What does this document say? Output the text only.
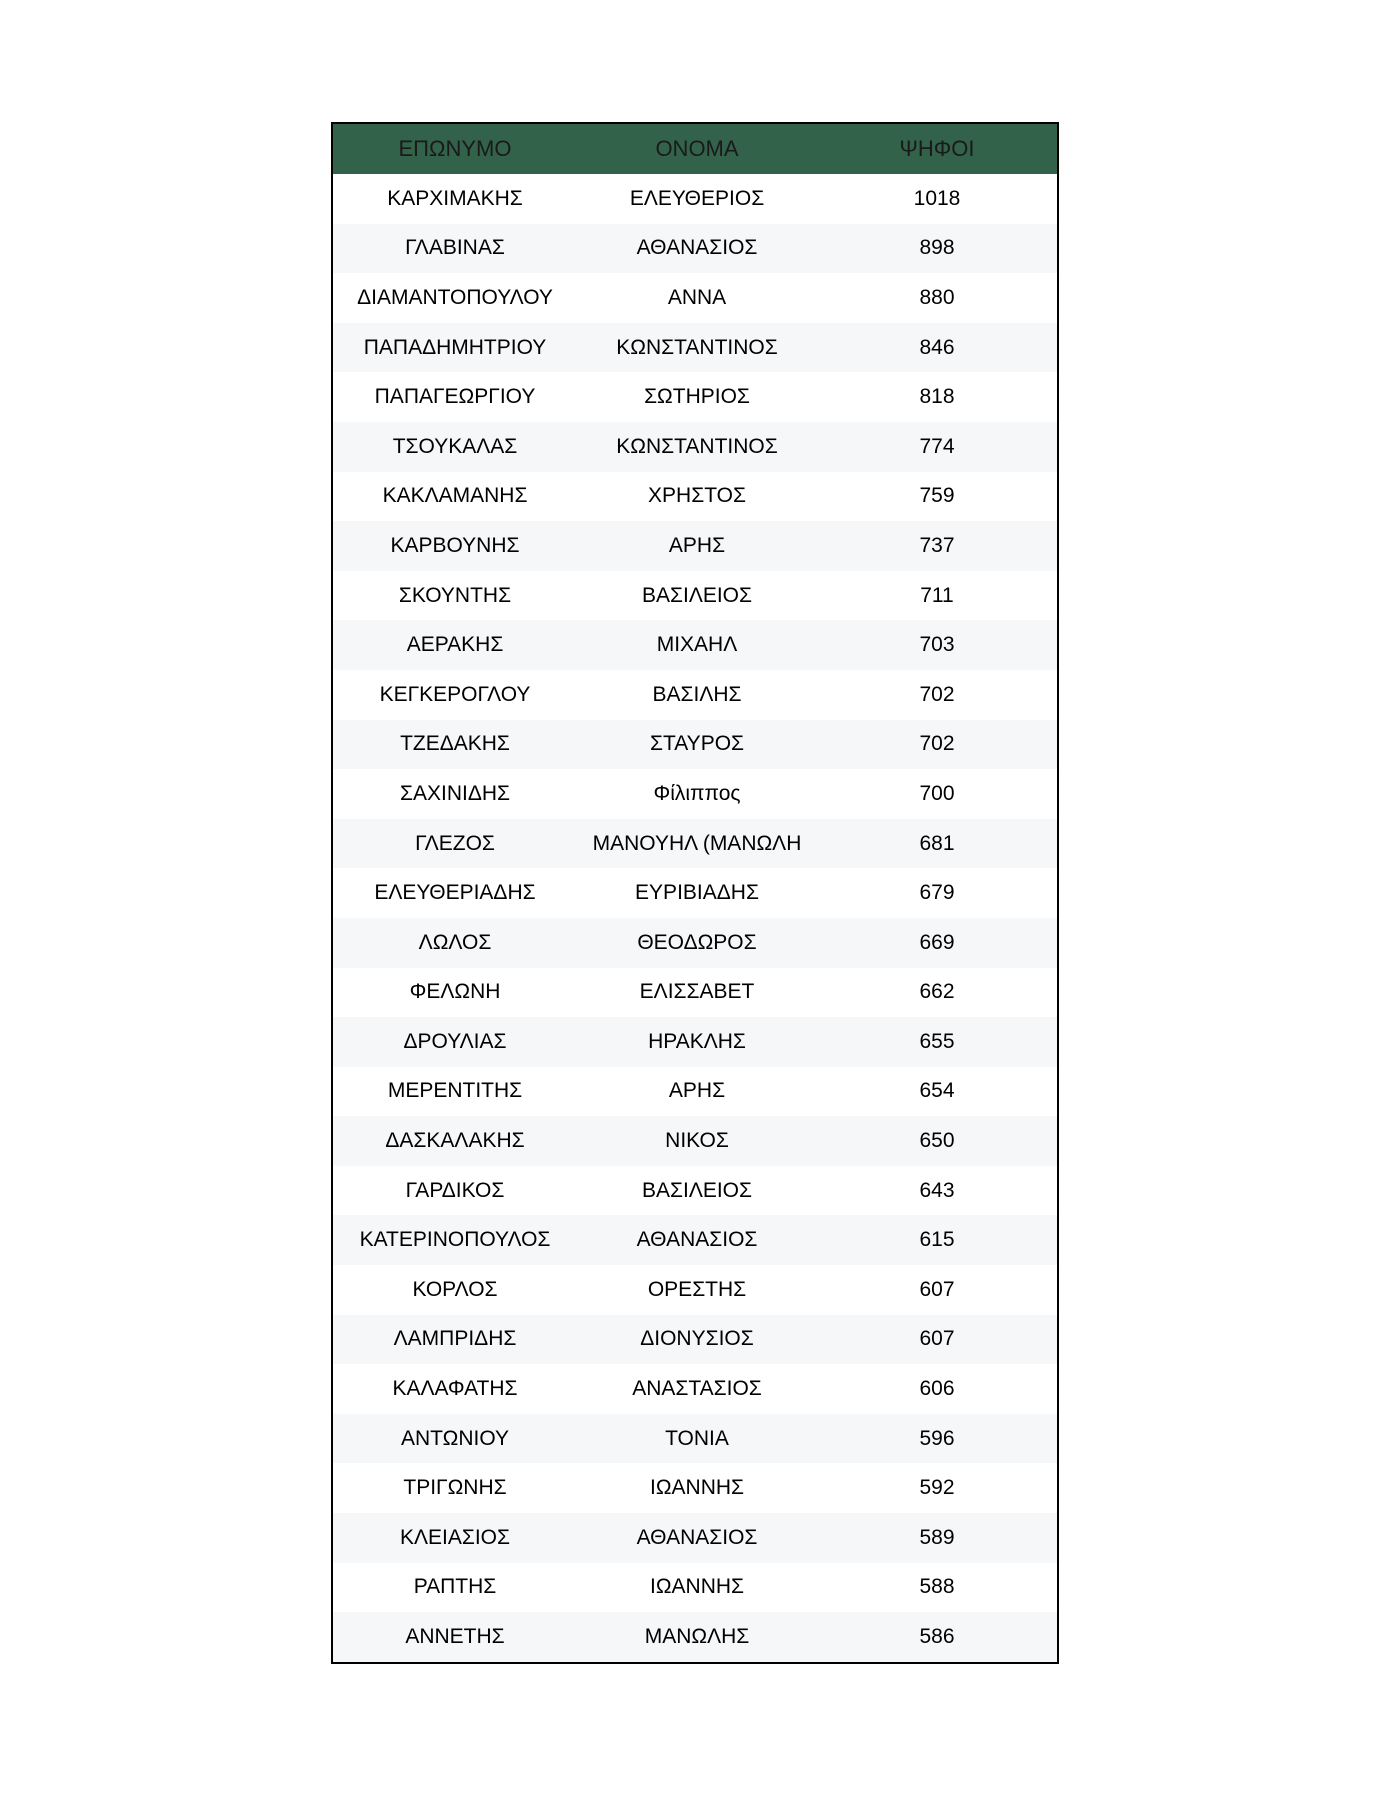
ΕΠΩΝΥΜΟ	ΟΝΟΜΑ	ΨΗΦΟΙ
ΚΑΡΧΙΜΑΚΗΣ	ΕΛΕΥΘΕΡΙΟΣ	1018
ΓΛΑΒΙΝΑΣ	ΑΘΑΝΑΣΙΟΣ	898
ΔΙΑΜΑΝΤΟΠΟΥΛΟΥ	ΑΝΝΑ	880
ΠΑΠΑΔΗΜΗΤΡΙΟΥ	ΚΩΝΣΤΑΝΤΙΝΟΣ	846
ΠΑΠΑΓΕΩΡΓΙΟΥ	ΣΩΤΗΡΙΟΣ	818
ΤΣΟΥΚΑΛΑΣ	ΚΩΝΣΤΑΝΤΙΝΟΣ	774
ΚΑΚΛΑΜΑΝΗΣ	ΧΡΗΣΤΟΣ	759
ΚΑΡΒΟΥΝΗΣ	ΑΡΗΣ	737
ΣΚΟΥΝΤΗΣ	ΒΑΣΙΛΕΙΟΣ	711
ΑΕΡΑΚΗΣ	ΜΙΧΑΗΛ	703
ΚΕΓΚΕΡΟΓΛΟΥ	ΒΑΣΙΛΗΣ	702
ΤΖΕΔΑΚΗΣ	ΣΤΑΥΡΟΣ	702
ΣΑΧΙΝΙΔΗΣ	Φίλιππος	700
ΓΛΕΖΟΣ	ΜΑΝΟΥΗΛ (ΜΑΝΩΛΗ	681
ΕΛΕΥΘΕΡΙΑΔΗΣ	ΕΥΡΙΒΙΑΔΗΣ	679
ΛΩΛΟΣ	ΘΕΟΔΩΡΟΣ	669
ΦΕΛΩΝΗ	ΕΛΙΣΣΑΒΕΤ	662
ΔΡΟΥΛΙΑΣ	ΗΡΑΚΛΗΣ	655
ΜΕΡΕΝΤΙΤΗΣ	ΑΡΗΣ	654
ΔΑΣΚΑΛΑΚΗΣ	ΝΙΚΟΣ	650
ΓΑΡΔΙΚΟΣ	ΒΑΣΙΛΕΙΟΣ	643
ΚΑΤΕΡΙΝΟΠΟΥΛΟΣ	ΑΘΑΝΑΣΙΟΣ	615
ΚΟΡΛΟΣ	ΟΡΕΣΤΗΣ	607
ΛΑΜΠΡΙΔΗΣ	ΔΙΟΝΥΣΙΟΣ	607
ΚΑΛΑΦΑΤΗΣ	ΑΝΑΣΤΑΣΙΟΣ	606
ΑΝΤΩΝΙΟΥ	ΤΟΝΙΑ	596
ΤΡΙΓΩΝΗΣ	ΙΩΑΝΝΗΣ	592
ΚΛΕΙΑΣΙΟΣ	ΑΘΑΝΑΣΙΟΣ	589
ΡΑΠΤΗΣ	ΙΩΑΝΝΗΣ	588
ΑΝΝΕΤΗΣ	ΜΑΝΩΛΗΣ	586
